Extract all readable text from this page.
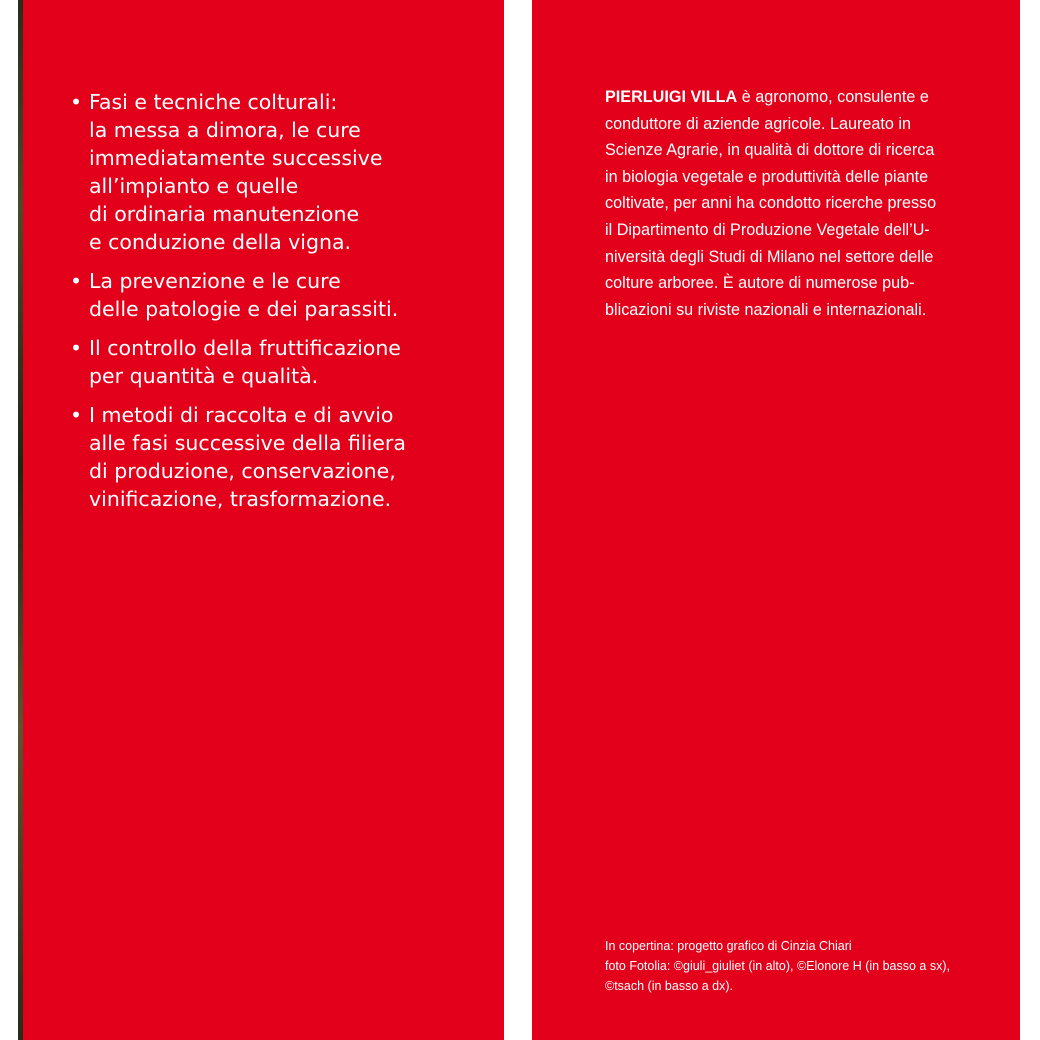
• Fasi e tecniche colturali:
la messa a dimora, le cure
immediatamente successive
all’impianto e quelle
di ordinaria manutenzione
e conduzione della vigna.
• La prevenzione e le cure
delle patologie e dei parassiti.
• Il controllo della fruttificazione
per quantità e qualità.
• I metodi di raccolta e di avvio
alle fasi successive della filiera
di produzione, conservazione,
vinificazione, trasformazione.
PIERLUIGI VILLA è agronomo, consulente e
conduttore di aziende agricole. Laureato in
Scienze Agrarie, in qualità di dottore di ricerca
in biologia vegetale e produttività delle piante
coltivate, per anni ha condotto ricerche presso
il Dipartimento di Produzione Vegetale dell’U-
niversità degli Studi di Milano nel settore delle
colture arboree. È autore di numerose pub-
blicazioni su riviste nazionali e internazionali.
In copertina: progetto grafico di Cinzia Chiari
foto Fotolia: ©giuli_giuliet (in alto), ©Elonore H (in basso a sx),
©tsach (in basso a dx).
